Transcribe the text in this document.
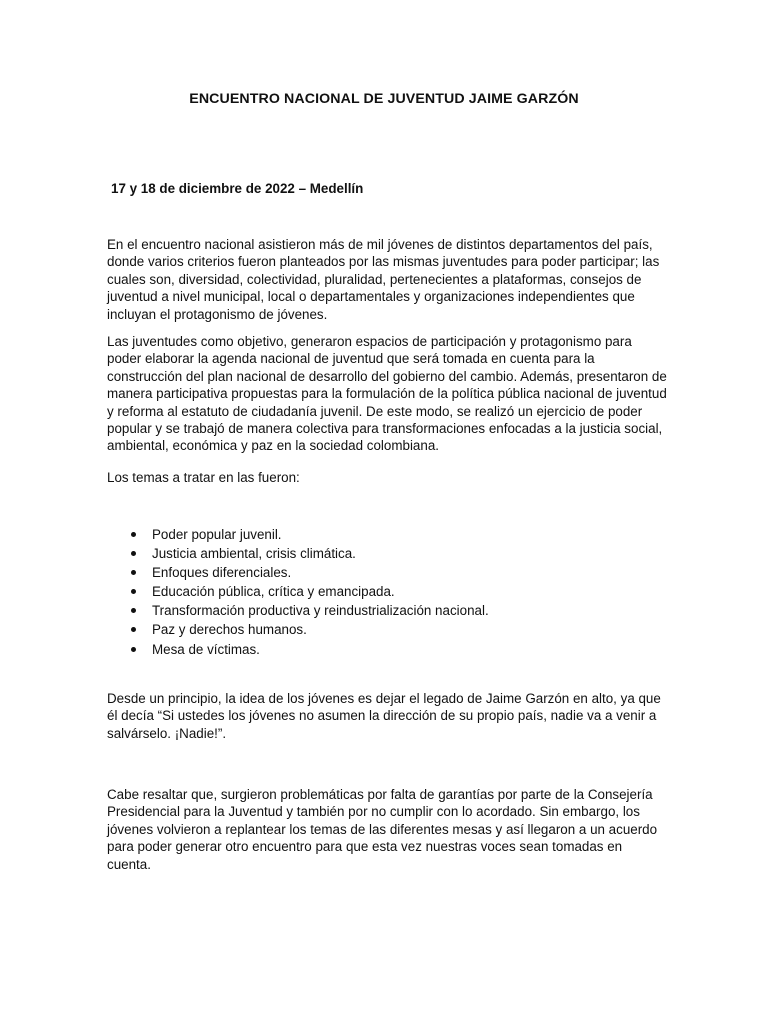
ENCUENTRO NACIONAL DE JUVENTUD JAIME GARZÓN

17 y 18 de diciembre de 2022 – Medellín

En el encuentro nacional asistieron más de mil jóvenes de distintos departamentos del país, donde varios criterios fueron planteados por las mismas juventudes para poder participar; las cuales son, diversidad, colectividad, pluralidad, pertenecientes a plataformas, consejos de juventud a nivel municipal, local o departamentales y organizaciones independientes que incluyan el protagonismo de jóvenes.

Las juventudes como objetivo, generaron espacios de participación y protagonismo para poder elaborar la agenda nacional de juventud que será tomada en cuenta para la construcción del plan nacional de desarrollo del gobierno del cambio. Además, presentaron de manera participativa propuestas para la formulación de la política pública nacional de juventud y reforma al estatuto de ciudadanía juvenil. De este modo, se realizó un ejercicio de poder popular y se trabajó de manera colectiva para transformaciones enfocadas a la justicia social, ambiental, económica y paz en la sociedad colombiana.

Los temas a tratar en las fueron:

Poder popular juvenil.
Justicia ambiental, crisis climática.
Enfoques diferenciales.
Educación pública, crítica y emancipada.
Transformación productiva y reindustrialización nacional.
Paz y derechos humanos.
Mesa de víctimas.

Desde un principio, la idea de los jóvenes es dejar el legado de Jaime Garzón en alto, ya que él decía “Si ustedes los jóvenes no asumen la dirección de su propio país, nadie va a venir a salvárselo. ¡Nadie!”.

Cabe resaltar que, surgieron problemáticas por falta de garantías por parte de la Consejería Presidencial para la Juventud y también por no cumplir con lo acordado. Sin embargo, los jóvenes volvieron a replantear los temas de las diferentes mesas y así llegaron a un acuerdo para poder generar otro encuentro para que esta vez nuestras voces sean tomadas en cuenta.
